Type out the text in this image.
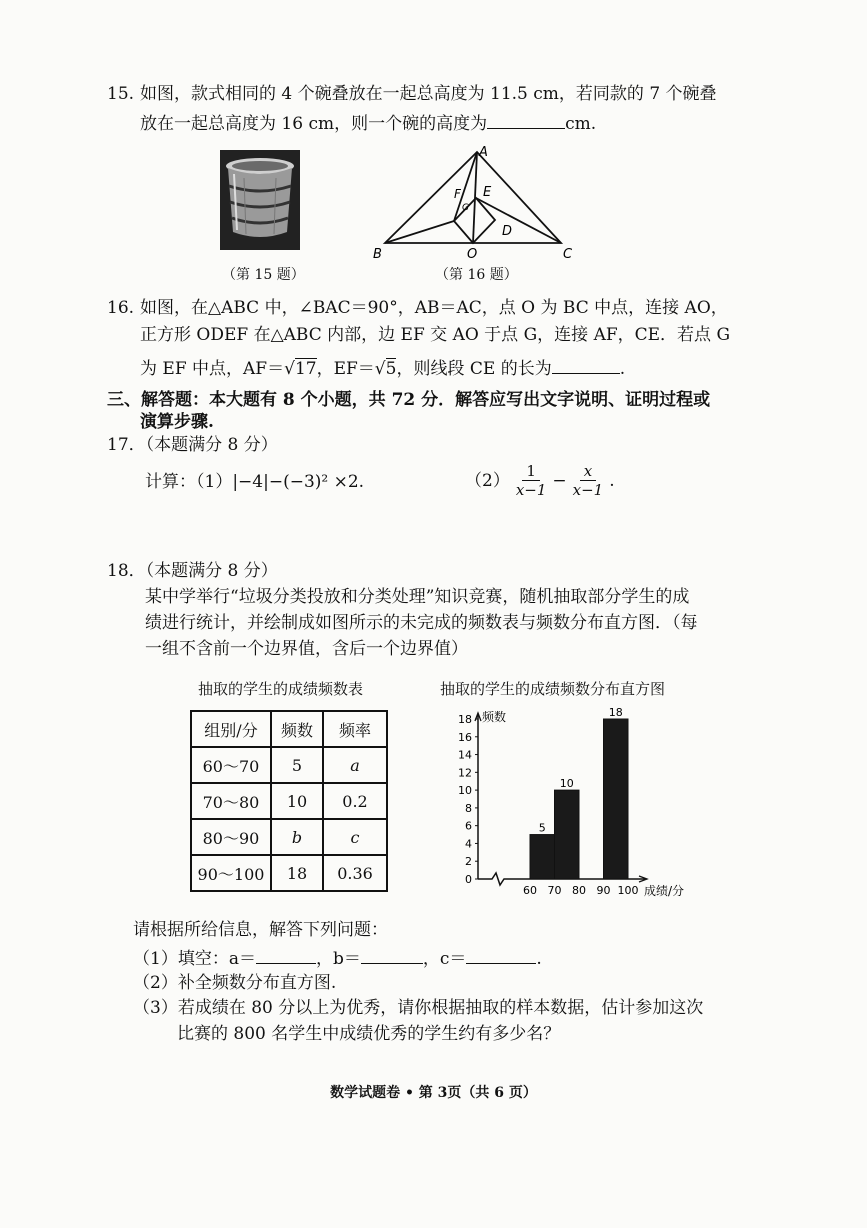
15. 如图，款式相同的 4 个碗叠放在一起总高度为 11.5 cm，若同款的 7 个碗叠
放在一起总高度为 16 cm，则一个碗的高度为	cm.
（第 15 题）
A
B	C
O
D
E
F
G
（第 16 题）
16. 如图，在△ABC 中，∠BAC＝90°，AB＝AC，点 O 为 BC 中点，连接 AO，
正方形 ODEF 在△ABC 内部，边 EF 交 AO 于点 G，连接 AF，CE．若点 G
为 EF 中点，AF＝√17，EF＝√5，则线段 CE 的长为	.
三、解答题：本大题有 8 个小题，共 72 分．解答应写出文字说明、证明过程或
演算步骤.
17．（本题满分 8 分）
计算：（1）|−4|−(−3)² ×2.	$(2) \frac{1}{x-1} - \frac{x}{x-1}$ .
18．（本题满分 8 分）
某中学举行“垃圾分类投放和分类处理”知识竞赛，随机抽取部分学生的成
绩进行统计，并绘制成如图所示的未完成的频数表与频数分布直方图．（每
一组不含前一个边界值，含后一个边界值）
抽取的学生的成绩频数表
组别/分	频数	频率
60～70	5	a
70～80	10	0.2
80～90	b	c
90～100	18	0.36
抽取的学生的成绩频数分布直方图
0
2
4
6
8
10
12
14
16
18 频数
60 70 80 90 100 成绩/分
5
10
18
请根据所给信息，解答下列问题：
（1）填空：a＝	，b＝	，c＝	.
（2）补全频数分布直方图.
（3）若成绩在 80 分以上为优秀，请你根据抽取的样本数据，估计参加这次
比赛的 800 名学生中成绩优秀的学生约有多少名？
数学试题卷 • 第 3页（共 6 页）
